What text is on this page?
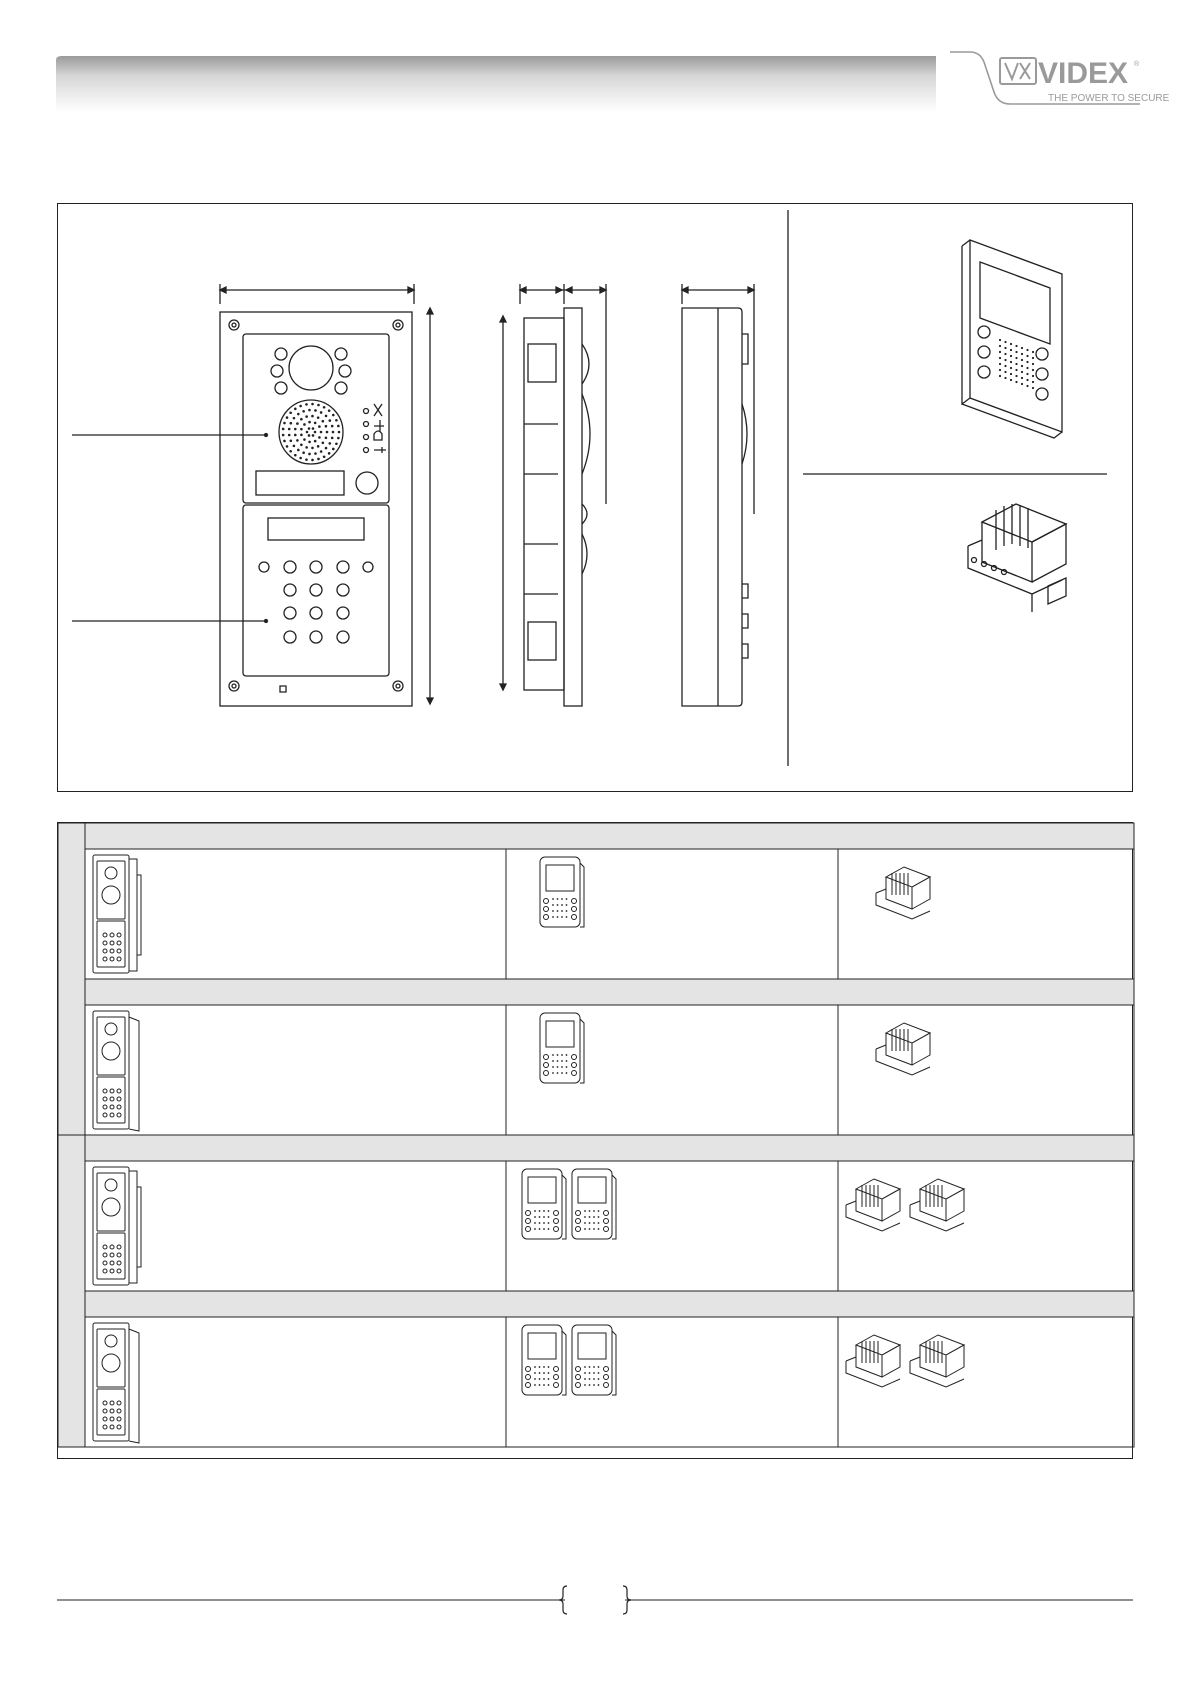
VIDEX ®
THE POWER TO SECURE
